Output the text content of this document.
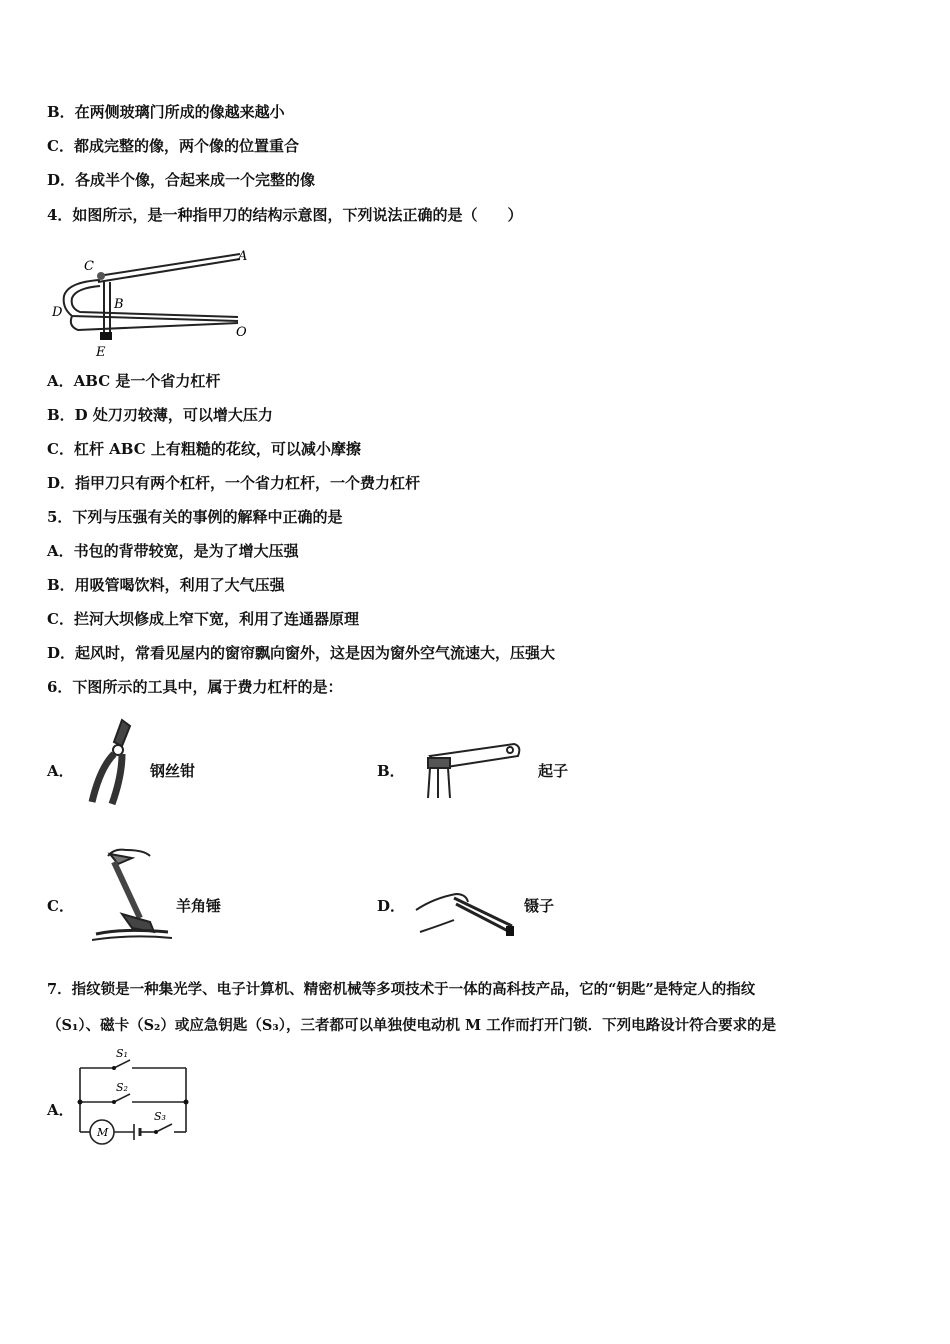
B．在两侧玻璃门所成的像越来越小
C．都成完整的像，两个像的位置重合
D．各成半个像，合起来成一个完整的像
4．如图所示，是一种指甲刀的结构示意图，下列说法正确的是（　　）
C
A
B
D
E
O
A．ABC 是一个省力杠杆
B．D 处刀刃较薄，可以增大压力
C．杠杆 ABC 上有粗糙的花纹，可以减小摩擦
D．指甲刀只有两个杠杆，一个省力杠杆，一个费力杠杆
5．下列与压强有关的事例的解释中正确的是
A．书包的背带较宽，是为了增大压强
B．用吸管喝饮料，利用了大气压强
C．拦河大坝修成上窄下宽，利用了连通器原理
D．起风时，常看见屋内的窗帘飘向窗外，这是因为窗外空气流速大，压强大
6．下图所示的工具中，属于费力杠杆的是：
A．	钢丝钳	B．	起子
C．	羊角锤	D．	镊子
7．指纹锁是一种集光学、电子计算机、精密机械等多项技术于一体的高科技产品，它的“钥匙”是特定人的指纹
（S₁）、磁卡（S₂）或应急钥匙（S₃），三者都可以单独使电动机 M 工作而打开门锁．下列电路设计符合要求的是
A．
S₁
S₂
S₃
M
